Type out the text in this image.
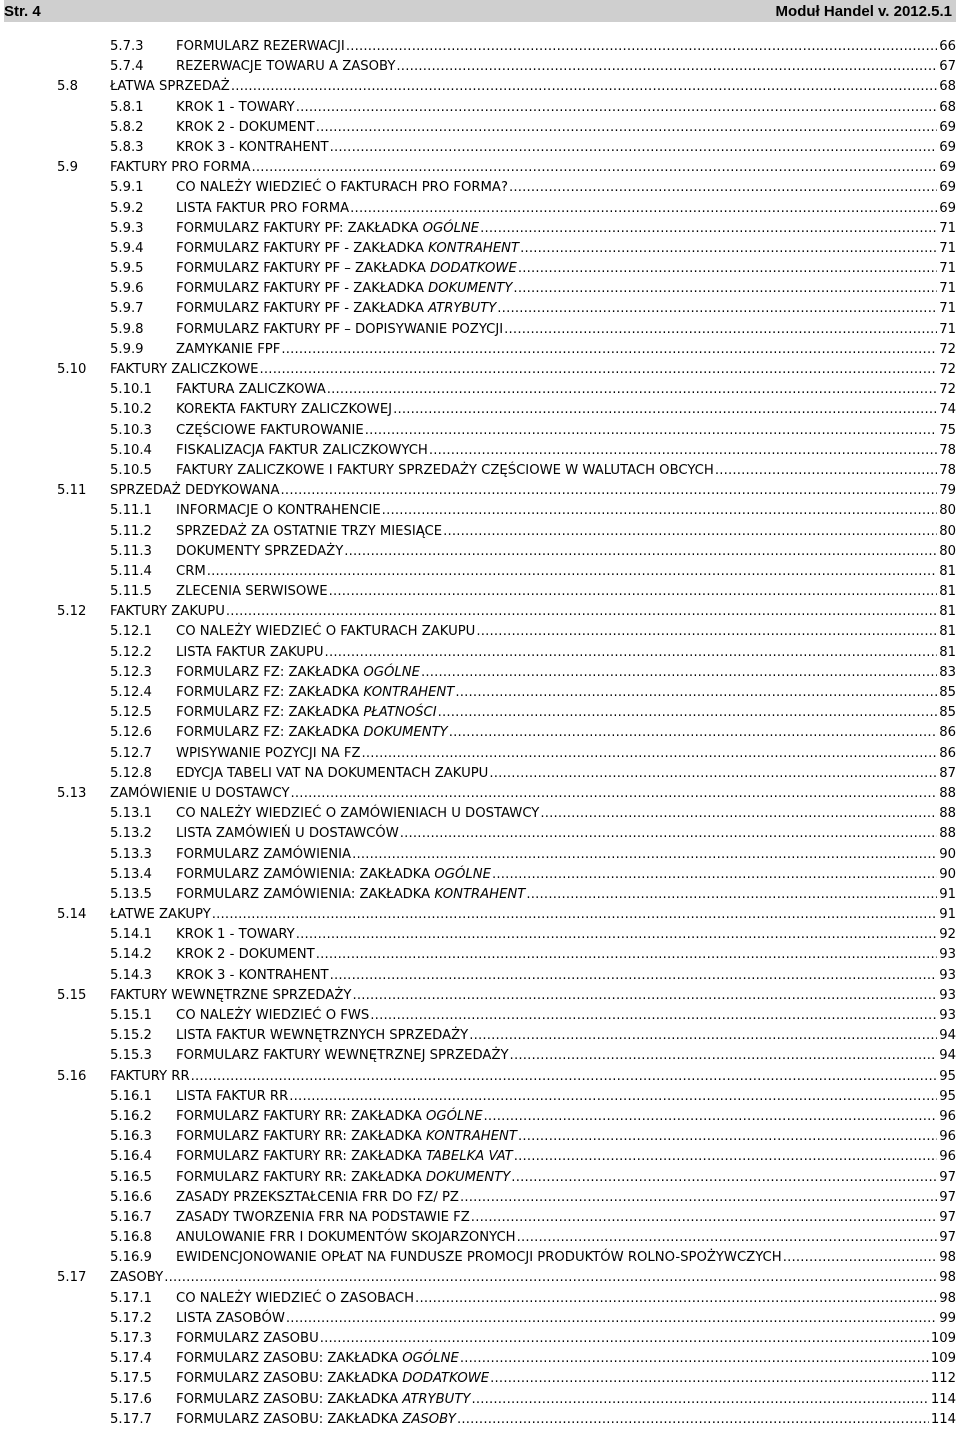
Str. 4	Moduł Handel v. 2012.5.1
5.7.3 FORMULARZ REZERWACJI .....	66
5.7.4 REZERWACJE TOWARU A ZASOBY .....	67
5.8 ŁATWA SPRZEDAŻ .....	68
5.8.1 KROK 1 - TOWARY .....	68
5.8.2 KROK 2 - DOKUMENT .....	69
5.8.3 KROK 3 - KONTRAHENT .....	69
5.9 FAKTURY PRO FORMA .....	69
5.9.1 CO NALEŻY WIEDZIEĆ O FAKTURACH PRO FORMA? .....	69
5.9.2 LISTA FAKTUR PRO FORMA .....	69
5.9.3 FORMULARZ FAKTURY PF: ZAKŁADKA OGÓLNE .....	71
5.9.4 FORMULARZ FAKTURY PF - ZAKŁADKA KONTRAHENT .....	71
5.9.5 FORMULARZ FAKTURY PF – ZAKŁADKA DODATKOWE .....	71
5.9.6 FORMULARZ FAKTURY PF - ZAKŁADKA DOKUMENTY .....	71
5.9.7 FORMULARZ FAKTURY PF - ZAKŁADKA ATRYBUTY .....	71
5.9.8 FORMULARZ FAKTURY PF – DOPISYWANIE POZYCJI .....	71
5.9.9 ZAMYKANIE FPF .....	72
5.10 FAKTURY ZALICZKOWE .....	72
5.10.1 FAKTURA ZALICZKOWA .....	72
5.10.2 KOREKTA FAKTURY ZALICZKOWEJ .....	74
5.10.3 CZĘŚCIOWE FAKTUROWANIE .....	75
5.10.4 FISKALIZACJA FAKTUR ZALICZKOWYCH .....	78
5.10.5 FAKTURY ZALICZKOWE I FAKTURY SPRZEDAŻY CZĘŚCIOWE W WALUTACH OBCYCH .....	78
5.11 SPRZEDAŻ DEDYKOWANA .....	79
5.11.1 INFORMACJE O KONTRAHENCIE .....	80
5.11.2 SPRZEDAŻ ZA OSTATNIE TRZY MIESIĄCE .....	80
5.11.3 DOKUMENTY SPRZEDAŻY .....	80
5.11.4 CRM .....	81
5.11.5 ZLECENIA SERWISOWE .....	81
5.12 FAKTURY ZAKUPU .....	81
5.12.1 CO NALEŻY WIEDZIEĆ O FAKTURACH ZAKUPU .....	81
5.12.2 LISTA FAKTUR ZAKUPU .....	81
5.12.3 FORMULARZ FZ: ZAKŁADKA OGÓLNE .....	83
5.12.4 FORMULARZ FZ: ZAKŁADKA KONTRAHENT .....	85
5.12.5 FORMULARZ FZ: ZAKŁADKA PŁATNOŚCI .....	85
5.12.6 FORMULARZ FZ: ZAKŁADKA DOKUMENTY .....	86
5.12.7 WPISYWANIE POZYCJI NA FZ .....	86
5.12.8 EDYCJA TABELI VAT NA DOKUMENTACH ZAKUPU .....	87
5.13 ZAMÓWIENIE U DOSTAWCY .....	88
5.13.1 CO NALEŻY WIEDZIEĆ O ZAMÓWIENIACH U DOSTAWCY .....	88
5.13.2 LISTA ZAMÓWIEŃ U DOSTAWCÓW .....	88
5.13.3 FORMULARZ ZAMÓWIENIA .....	90
5.13.4 FORMULARZ ZAMÓWIENIA: ZAKŁADKA OGÓLNE .....	90
5.13.5 FORMULARZ ZAMÓWIENIA: ZAKŁADKA KONTRAHENT .....	91
5.14 ŁATWE ZAKUPY .....	91
5.14.1 KROK 1 - TOWARY .....	92
5.14.2 KROK 2 - DOKUMENT .....	93
5.14.3 KROK 3 - KONTRAHENT .....	93
5.15 FAKTURY WEWNĘTRZNE SPRZEDAŻY .....	93
5.15.1 CO NALEŻY WIEDZIEĆ O FWS .....	93
5.15.2 LISTA FAKTUR WEWNĘTRZNYCH SPRZEDAŻY .....	94
5.15.3 FORMULARZ FAKTURY WEWNĘTRZNEJ SPRZEDAŻY .....	94
5.16 FAKTURY RR .....	95
5.16.1 LISTA FAKTUR RR .....	95
5.16.2 FORMULARZ FAKTURY RR: ZAKŁADKA OGÓLNE .....	96
5.16.3 FORMULARZ FAKTURY RR: ZAKŁADKA KONTRAHENT .....	96
5.16.4 FORMULARZ FAKTURY RR: ZAKŁADKA TABELKA VAT .....	96
5.16.5 FORMULARZ FAKTURY RR: ZAKŁADKA DOKUMENTY .....	97
5.16.6 ZASADY PRZEKSZTAŁCENIA FRR DO FZ/ PZ .....	97
5.16.7 ZASADY TWORZENIA FRR NA PODSTAWIE FZ .....	97
5.16.8 ANULOWANIE FRR I DOKUMENTÓW SKOJARZONYCH .....	97
5.16.9 EWIDENCJONOWANIE OPŁAT NA FUNDUSZE PROMOCJI PRODUKTÓW ROLNO-SPOŻYWCZYCH .....	98
5.17 ZASOBY .....	98
5.17.1 CO NALEŻY WIEDZIEĆ O ZASOBACH .....	98
5.17.2 LISTA ZASOBÓW .....	99
5.17.3 FORMULARZ ZASOBU .....	109
5.17.4 FORMULARZ ZASOBU: ZAKŁADKA OGÓLNE .....	109
5.17.5 FORMULARZ ZASOBU: ZAKŁADKA DODATKOWE .....	112
5.17.6 FORMULARZ ZASOBU: ZAKŁADKA ATRYBUTY .....	114
5.17.7 FORMULARZ ZASOBU: ZAKŁADKA ZASOBY .....	114
